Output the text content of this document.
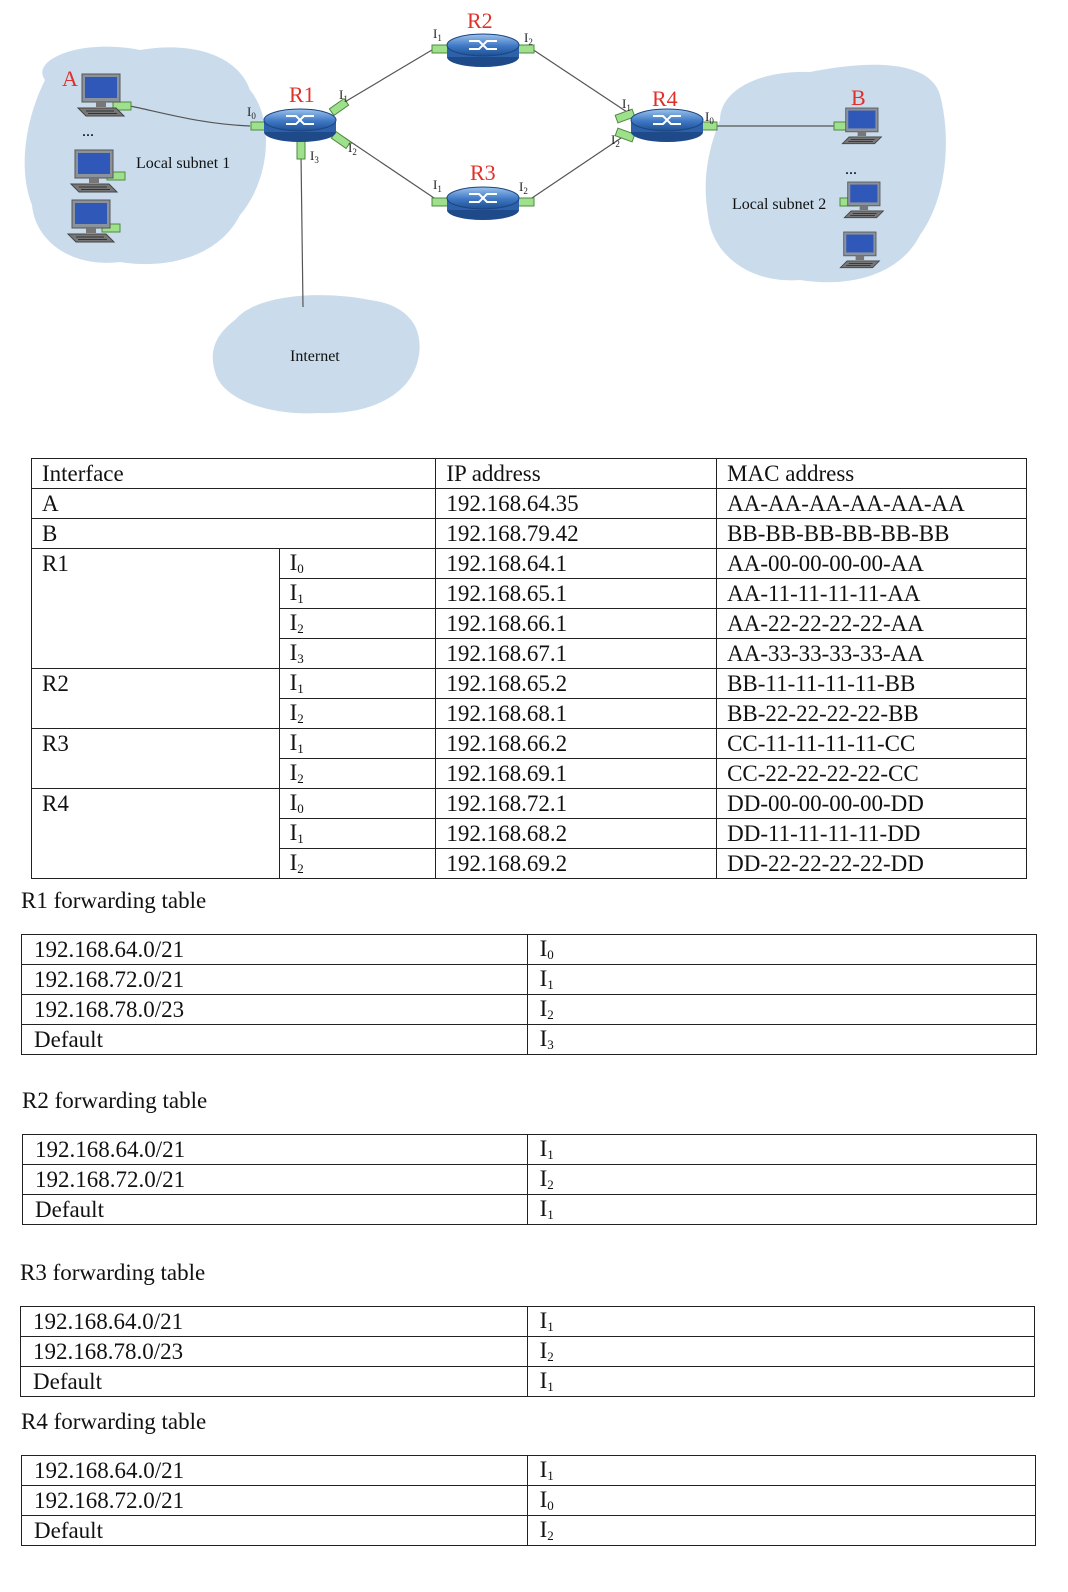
R1
R2
R3
R4
A
B
...
...
Local subnet 1
Local subnet 2
Internet
$I_0$
$I_1$
$I_2$
$I_3$
$I_1$	$I_2$
$I_1$	$I_2$
$I_1$
$I_2$
$I_0$
Interface		IP address	MAC address
A		192.168.64.35	AA-AA-AA-AA-AA-AA
B		192.168.79.42	BB-BB-BB-BB-BB-BB
R1	$I_0$	192.168.64.1	AA-00-00-00-00-AA
	$I_1$	192.168.65.1	AA-11-11-11-11-AA
	$I_2$	192.168.66.1	AA-22-22-22-22-AA
	$I_3$	192.168.67.1	AA-33-33-33-33-AA
R2	$I_1$	192.168.65.2	BB-11-11-11-11-BB
	$I_2$	192.168.68.1	BB-22-22-22-22-BB
R3	$I_1$	192.168.66.2	CC-11-11-11-11-CC
	$I_2$	192.168.69.1	CC-22-22-22-22-CC
R4	$I_0$	192.168.72.1	DD-00-00-00-00-DD
	$I_1$	192.168.68.2	DD-11-11-11-11-DD
	$I_2$	192.168.69.2	DD-22-22-22-22-DD
R1 forwarding table
192.168.64.0/21	$I_0$
192.168.72.0/21	$I_1$
192.168.78.0/23	$I_2$
Default	$I_3$
R2 forwarding table
192.168.64.0/21	$I_1$
192.168.72.0/21	$I_2$
Default	$I_1$
R3 forwarding table
192.168.64.0/21	$I_1$
192.168.78.0/23	$I_2$
Default	$I_1$
R4 forwarding table
192.168.64.0/21	$I_1$
192.168.72.0/21	$I_0$
Default	$I_2$
